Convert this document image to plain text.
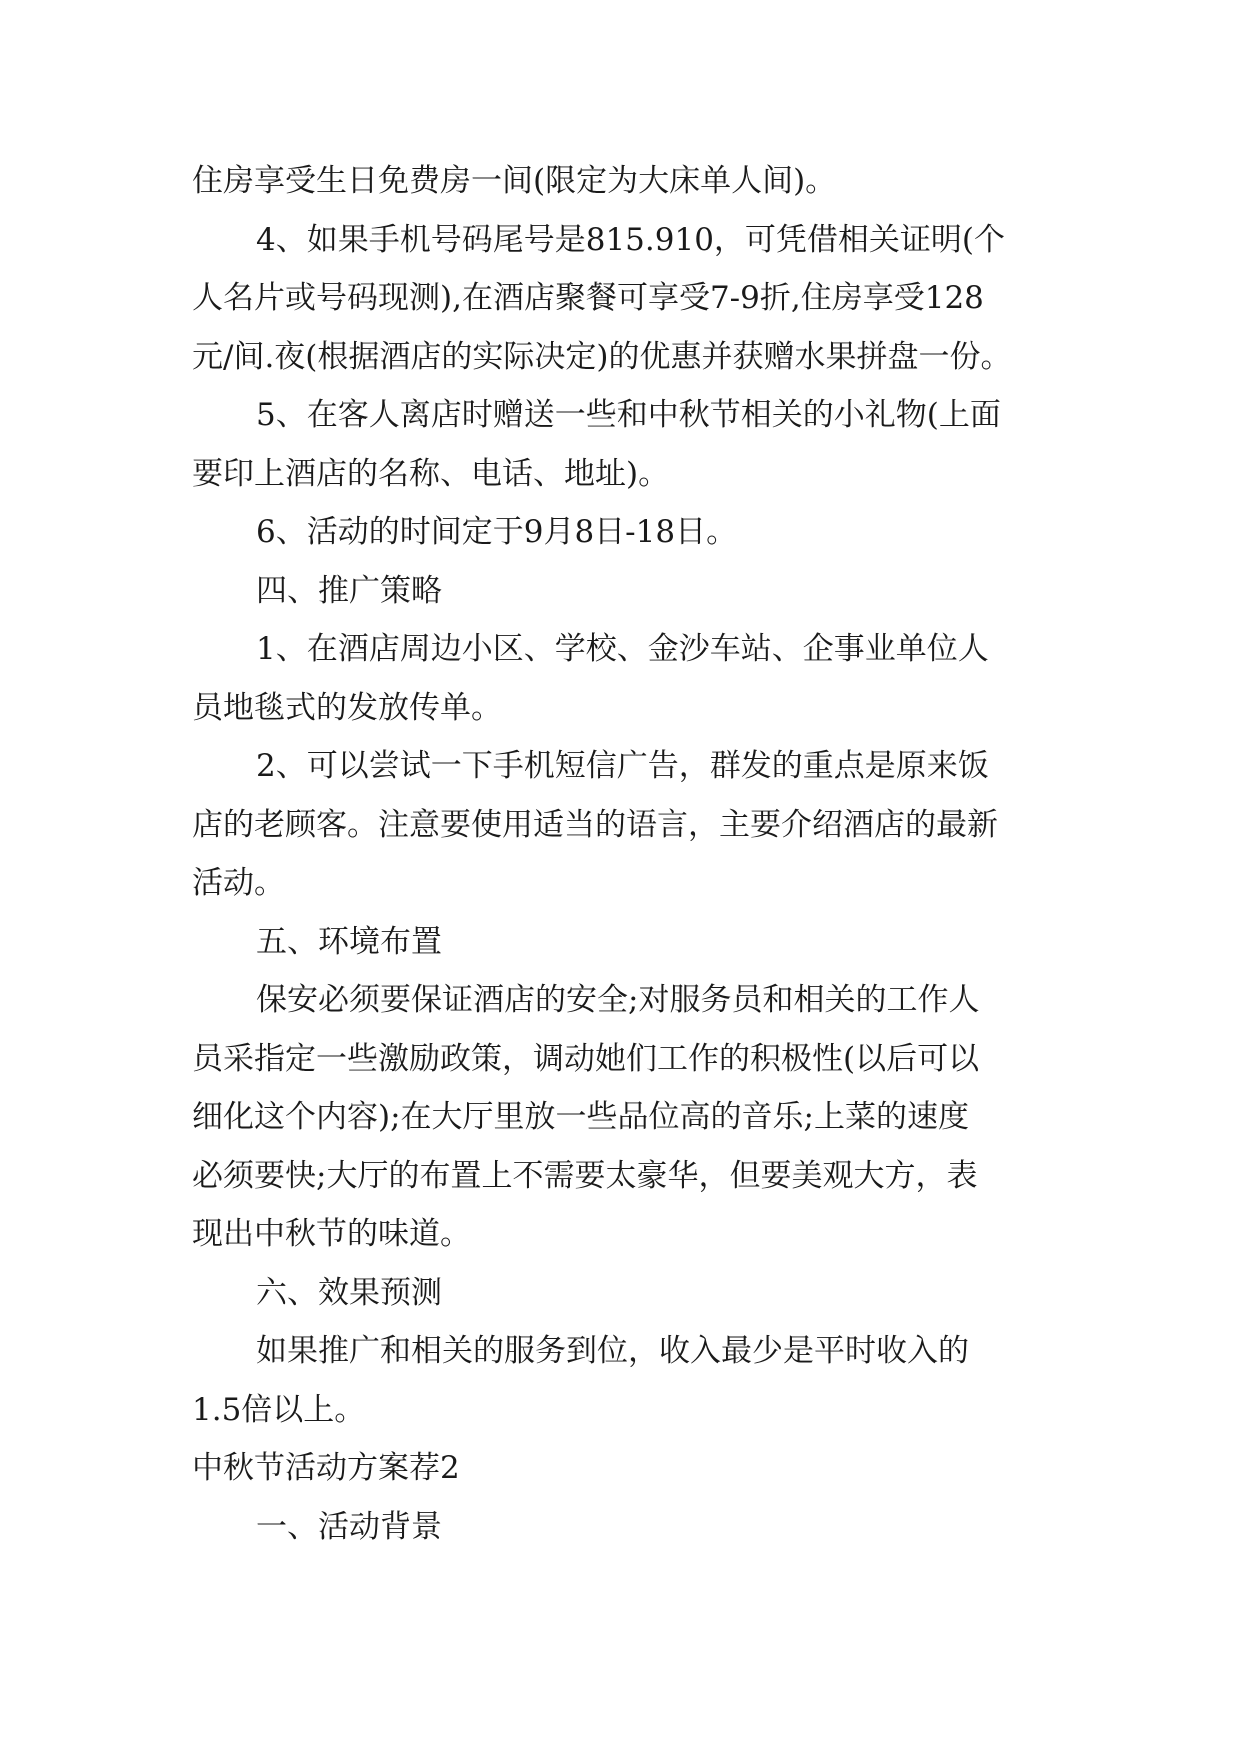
住房享受生日免费房一间(限定为大床单人间)。
4、如果手机号码尾号是815.910，可凭借相关证明(个
人名片或号码现测),在酒店聚餐可享受7-9折,住房享受128
元/间.夜(根据酒店的实际决定)的优惠并获赠水果拼盘一份。
5、在客人离店时赠送一些和中秋节相关的小礼物(上面
要印上酒店的名称、电话、地址)。
6、活动的时间定于9月8日-18日。
四、推广策略
1、在酒店周边小区、学校、金沙车站、企事业单位人
员地毯式的发放传单。
2、可以尝试一下手机短信广告，群发的重点是原来饭
店的老顾客。注意要使用适当的语言，主要介绍酒店的最新
活动。
五、环境布置
保安必须要保证酒店的安全;对服务员和相关的工作人
员采指定一些激励政策，调动她们工作的积极性(以后可以
细化这个内容);在大厅里放一些品位高的音乐;上菜的速度
必须要快;大厅的布置上不需要太豪华，但要美观大方，表
现出中秋节的味道。
六、效果预测
如果推广和相关的服务到位，收入最少是平时收入的
1.5倍以上。
中秋节活动方案荐2
一、活动背景
